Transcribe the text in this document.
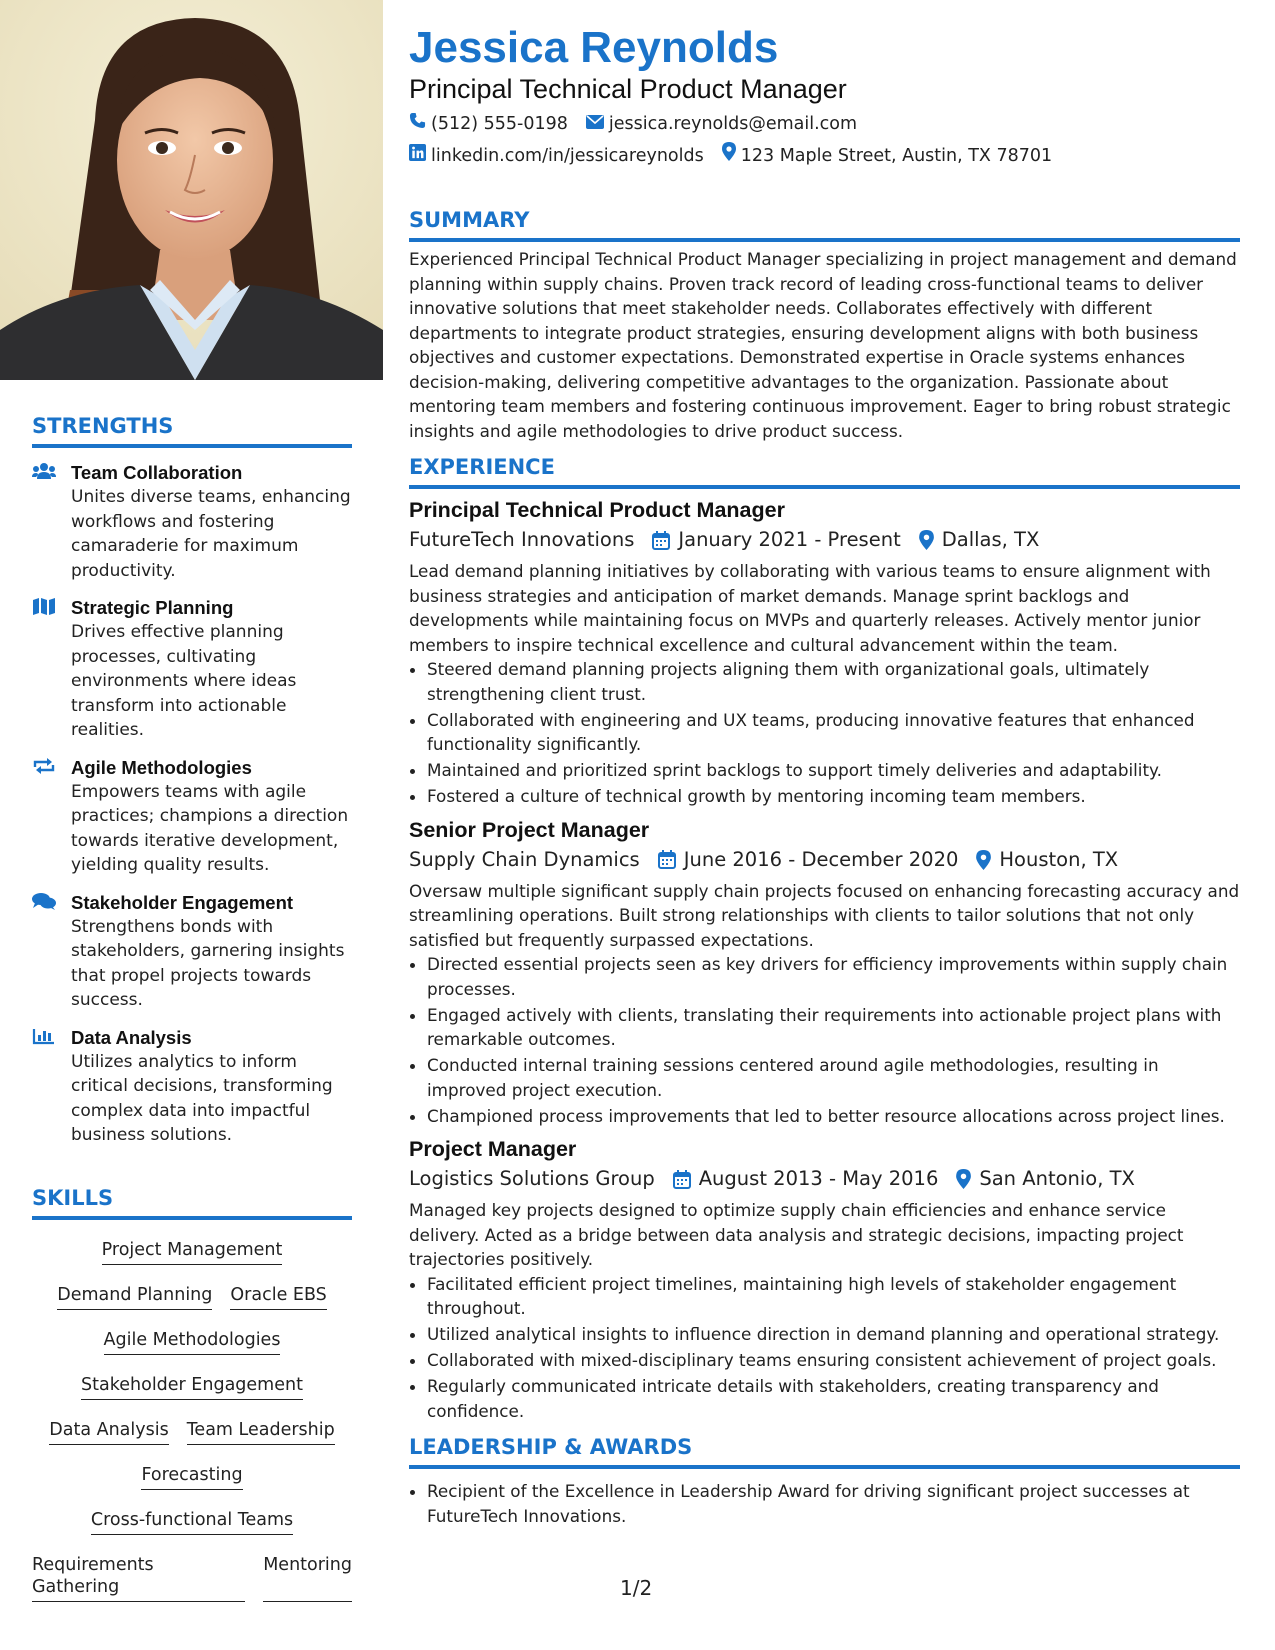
STRENGTHS
Team Collaboration
Unites diverse teams, enhancing workflows and fostering camaraderie for maximum productivity.
Strategic Planning
Drives effective planning processes, cultivating environments where ideas transform into actionable realities.
Agile Methodologies
Empowers teams with agile practices; champions a direction towards iterative development, yielding quality results.
Stakeholder Engagement
Strengthens bonds with stakeholders, garnering insights that propel projects towards success.
Data Analysis
Utilizes analytics to inform critical decisions, transforming complex data into impactful business solutions.
SKILLS
Project Management
Demand Planning Oracle EBS
Agile Methodologies
Stakeholder Engagement
Data Analysis Team Leadership
Forecasting
Cross-functional Teams
Requirements Gathering
Mentoring
Jessica Reynolds
Principal Technical Product Manager
(512) 555-0198 jessica.reynolds@email.com
linkedin.com/in/jessicareynolds 123 Maple Street, Austin, TX 78701
SUMMARY
Experienced Principal Technical Product Manager specializing in project management and demand planning within supply chains. Proven track record of leading cross-functional teams to deliver innovative solutions that meet stakeholder needs. Collaborates effectively with different departments to integrate product strategies, ensuring development aligns with both business objectives and customer expectations. Demonstrated expertise in Oracle systems enhances decision-making, delivering competitive advantages to the organization. Passionate about mentoring team members and fostering continuous improvement. Eager to bring robust strategic insights and agile methodologies to drive product success.
EXPERIENCE
Principal Technical Product Manager
FutureTech Innovations January 2021 - Present Dallas, TX
Lead demand planning initiatives by collaborating with various teams to ensure alignment with business strategies and anticipation of market demands. Manage sprint backlogs and developments while maintaining focus on MVPs and quarterly releases. Actively mentor junior members to inspire technical excellence and cultural advancement within the team.
• Steered demand planning projects aligning them with organizational goals, ultimately strengthening client trust.
• Collaborated with engineering and UX teams, producing innovative features that enhanced functionality significantly.
• Maintained and prioritized sprint backlogs to support timely deliveries and adaptability.
• Fostered a culture of technical growth by mentoring incoming team members.
Senior Project Manager
Supply Chain Dynamics June 2016 - December 2020 Houston, TX
Oversaw multiple significant supply chain projects focused on enhancing forecasting accuracy and streamlining operations. Built strong relationships with clients to tailor solutions that not only satisfied but frequently surpassed expectations.
• Directed essential projects seen as key drivers for efficiency improvements within supply chain processes.
• Engaged actively with clients, translating their requirements into actionable project plans with remarkable outcomes.
• Conducted internal training sessions centered around agile methodologies, resulting in improved project execution.
• Championed process improvements that led to better resource allocations across project lines.
Project Manager
Logistics Solutions Group August 2013 - May 2016 San Antonio, TX
Managed key projects designed to optimize supply chain efficiencies and enhance service delivery. Acted as a bridge between data analysis and strategic decisions, impacting project trajectories positively.
• Facilitated efficient project timelines, maintaining high levels of stakeholder engagement throughout.
• Utilized analytical insights to influence direction in demand planning and operational strategy.
• Collaborated with mixed-disciplinary teams ensuring consistent achievement of project goals.
• Regularly communicated intricate details with stakeholders, creating transparency and confidence.
LEADERSHIP & AWARDS
• Recipient of the Excellence in Leadership Award for driving significant project successes at FutureTech Innovations.
1/2
